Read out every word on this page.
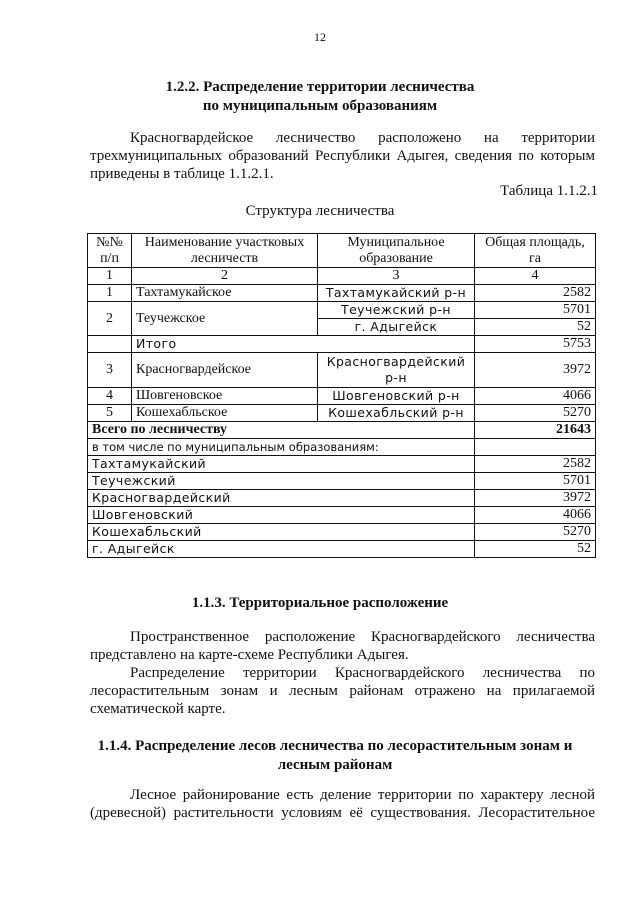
12
1.2.2. Распределение территории лесничества
по муниципальным образованиям
Красногвардейское лесничество расположено на территории
трехмуниципальных образований Республики Адыгея, сведения по которым
приведены в таблице 1.1.2.1.
Таблица 1.1.2.1
Структура лесничества
№№ п/п	Наименование участковых лесничеств	Муниципальное образование	Общая площадь, га
1	2	3	4
1	Тахтамукайское	Тахтамукайский р-н	2582
2	Теучежское	Теучежский р-н	5701
		г. Адыгейск	52
	Итого		5753
3	Красногвардейское	Красногвардейский р-н	3972
4	Шовгеновское	Шовгеновский р-н	4066
5	Кошехабльское	Кошехабльский р-н	5270
Всего по лесничеству			21643
в том числе по муниципальным образованиям:			
Тахтамукайский			2582
Теучежский			5701
Красногвардейский			3972
Шовгеновский			4066
Кошехабльский			5270
г. Адыгейск			52
1.1.3. Территориальное расположение
Пространственное расположение Красногвардейского лесничества
представлено на карте-схеме Республики Адыгея.
Распределение территории Красногвардейского лесничества по
лесорастительным зонам и лесным районам отражено на прилагаемой
схематической карте.
1.1.4. Распределение лесов лесничества по лесорастительным зонам и
лесным районам
Лесное районирование есть деление территории по характеру лесной
(древесной) растительности условиям её существования. Лесорастительное
